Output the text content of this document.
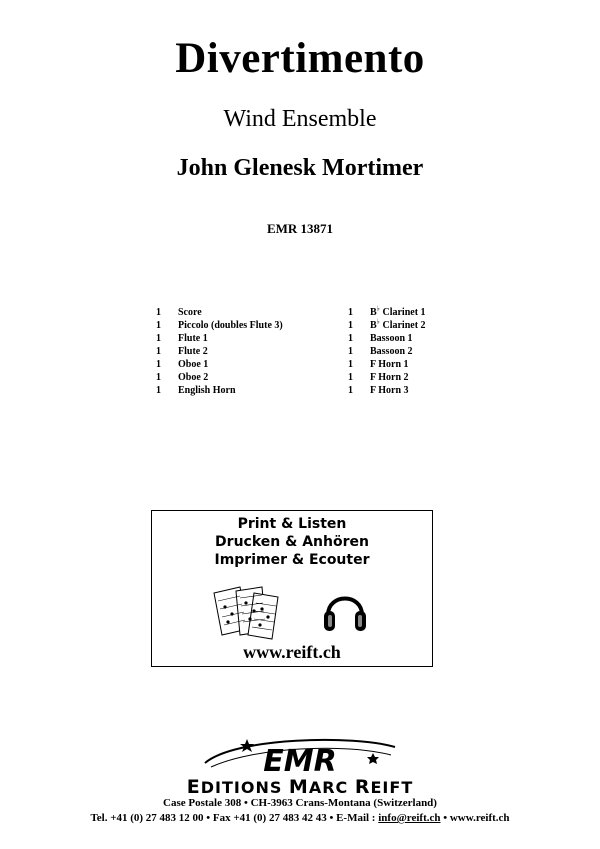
Divertimento
Wind Ensemble
John Glenesk Mortimer
EMR 13871
1 Score
1 Piccolo (doubles Flute 3)
1 Flute 1
1 Flute 2
1 Oboe 1
1 Oboe 2
1 English Horn
1 B♭ Clarinet 1
1 B♭ Clarinet 2
1 Bassoon 1
1 Bassoon 2
1 F Horn 1
1 F Horn 2
1 F Horn 3
Print & Listen
Drucken & Anhören
Imprimer & Ecouter
www.reift.ch
EMR
EDITIONS MARC REIFT
Case Postale 308 • CH-3963 Crans-Montana (Switzerland)
Tel. +41 (0) 27 483 12 00 • Fax +41 (0) 27 483 42 43 • E-Mail : info@reift.ch • www.reift.ch
